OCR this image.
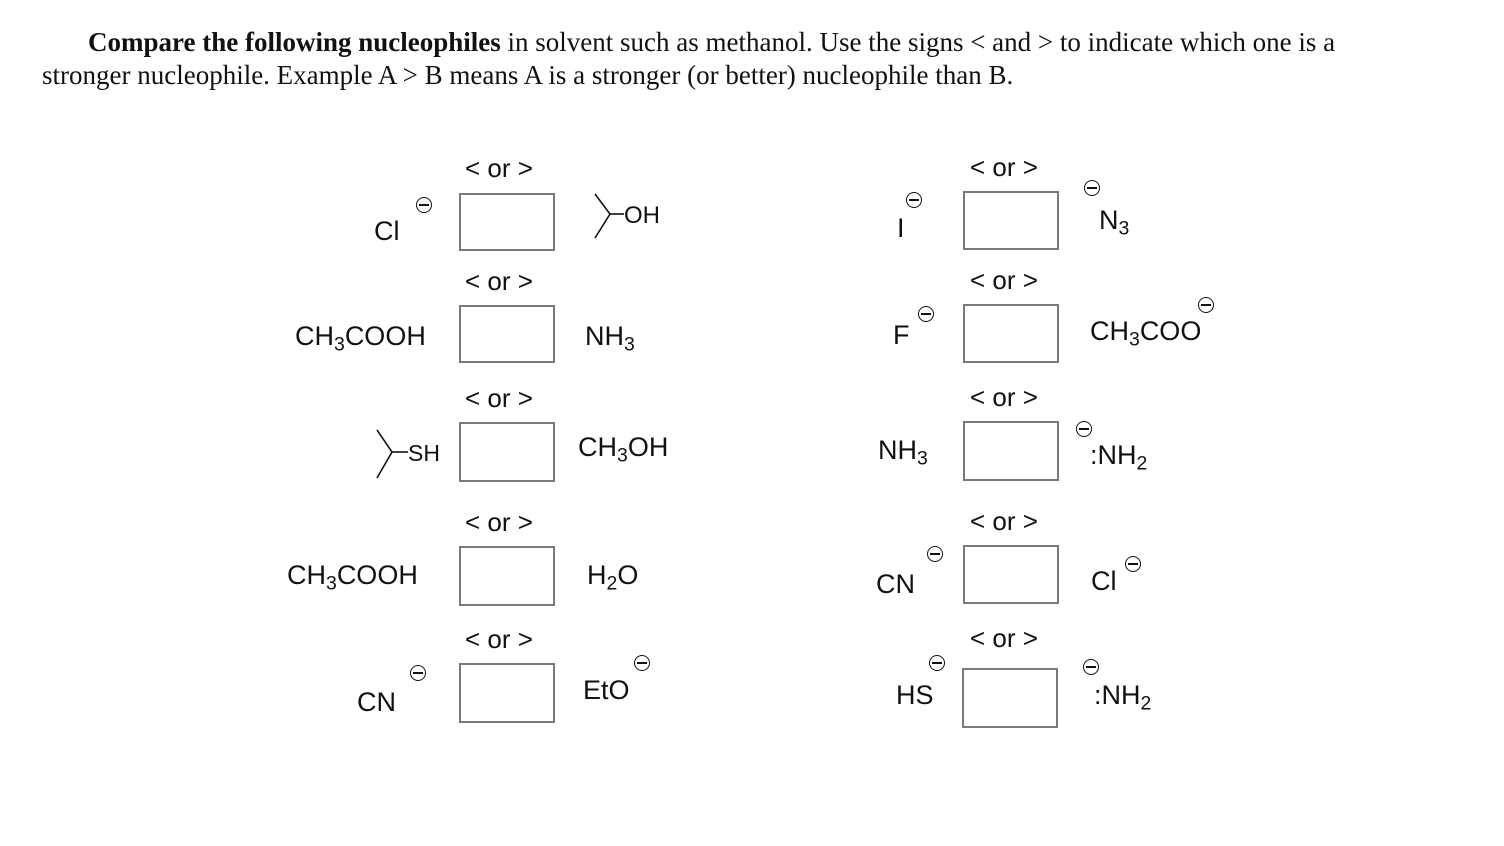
Compare the following nucleophiles in solvent such as methanol. Use the signs < and > to indicate which one is a
stronger nucleophile. Example A > B means A is a stronger (or better) nucleophile than B.
< or >
Cl
OH
< or >
$CH_3COOH$	$NH_3$
< or >
SH	$CH_3OH$
< or >
$CH_3COOH$	$H_2O$
< or >
CN	EtO
< or >
I	$N_3$
< or >
F	$CH_3COO$
< or >
$NH_3$	$:NH_2$
< or >
CN	Cl
< or >
HS	$:NH_2$
